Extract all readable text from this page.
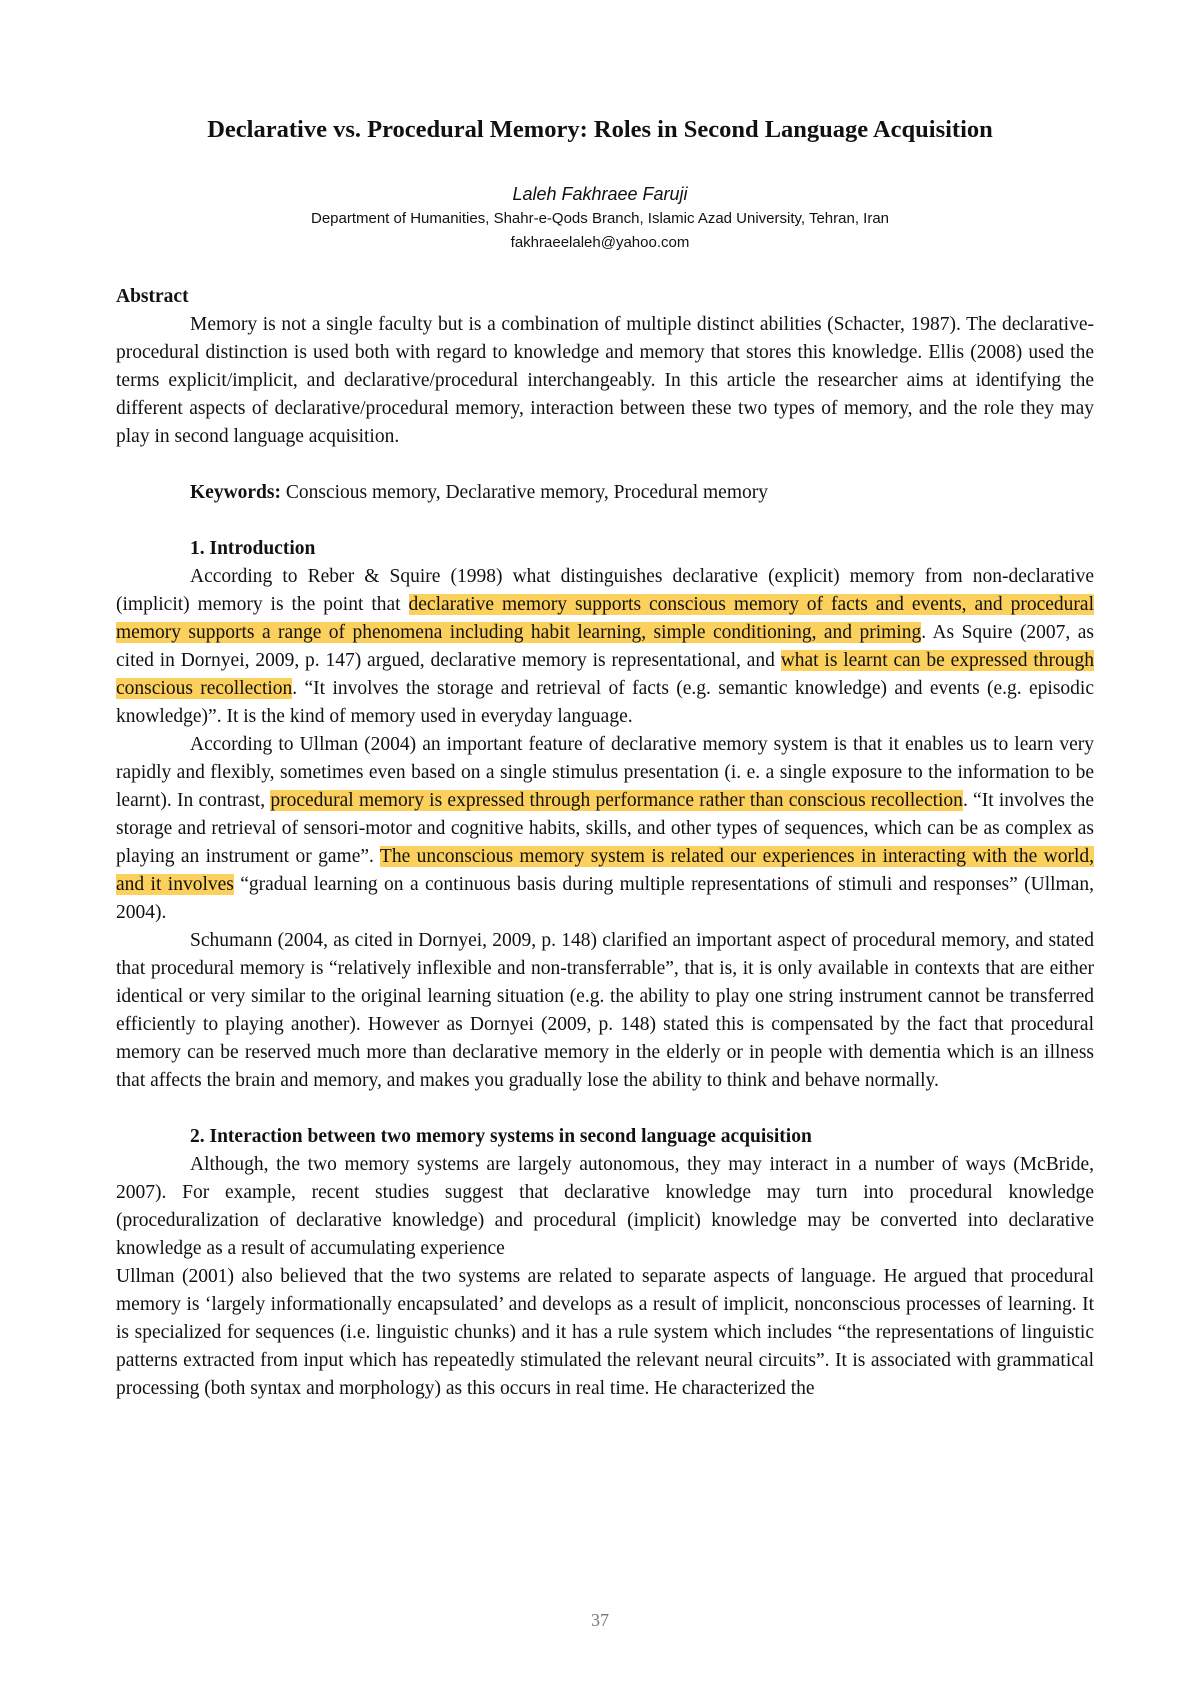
Declarative vs. Procedural Memory: Roles in Second Language Acquisition
Laleh Fakhraee Faruji
Department of Humanities, Shahr-e-Qods Branch, Islamic Azad University, Tehran, Iran
fakhraeelaleh@yahoo.com

Abstract

Memory is not a single faculty but is a combination of multiple distinct abilities (Schacter, 1987). The declarative-procedural distinction is used both with regard to knowledge and memory that stores this knowledge. Ellis (2008) used the terms explicit/implicit, and declarative/procedural interchangeably. In this article the researcher aims at identifying the different aspects of declarative/procedural memory, interaction between these two types of memory, and the role they may play in second language acquisition.

Keywords: Conscious memory, Declarative memory, Procedural memory

1. Introduction

According to Reber & Squire (1998) what distinguishes declarative (explicit) memory from non-declarative (implicit) memory is the point that declarative memory supports conscious memory of facts and events, and procedural memory supports a range of phenomena including habit learning, simple conditioning, and priming. As Squire (2007, as cited in Dornyei, 2009, p. 147) argued, declarative memory is representational, and what is learnt can be expressed through conscious recollection. “It involves the storage and retrieval of facts (e.g. semantic knowledge) and events (e.g. episodic knowledge)”. It is the kind of memory used in everyday language.

According to Ullman (2004) an important feature of declarative memory system is that it enables us to learn very rapidly and flexibly, sometimes even based on a single stimulus presentation (i. e. a single exposure to the information to be learnt). In contrast, procedural memory is expressed through performance rather than conscious recollection. “It involves the storage and retrieval of sensori-motor and cognitive habits, skills, and other types of sequences, which can be as complex as playing an instrument or game”. The unconscious memory system is related our experiences in interacting with the world, and it involves “gradual learning on a continuous basis during multiple representations of stimuli and responses” (Ullman, 2004).

Schumann (2004, as cited in Dornyei, 2009, p. 148) clarified an important aspect of procedural memory, and stated that procedural memory is “relatively inflexible and non-transferrable”, that is, it is only available in contexts that are either identical or very similar to the original learning situation (e.g. the ability to play one string instrument cannot be transferred efficiently to playing another). However as Dornyei (2009, p. 148) stated this is compensated by the fact that procedural memory can be reserved much more than declarative memory in the elderly or in people with dementia which is an illness that affects the brain and memory, and makes you gradually lose the ability to think and behave normally.

2. Interaction between two memory systems in second language acquisition

Although, the two memory systems are largely autonomous, they may interact in a number of ways (McBride, 2007). For example, recent studies suggest that declarative knowledge may turn into procedural knowledge (proceduralization of declarative knowledge) and procedural (implicit) knowledge may be converted into declarative knowledge as a result of accumulating experience

Ullman (2001) also believed that the two systems are related to separate aspects of language. He argued that procedural memory is ‘largely informationally encapsulated’ and develops as a result of implicit, nonconscious processes of learning. It is specialized for sequences (i.e. linguistic chunks) and it has a rule system which includes “the representations of linguistic patterns extracted from input which has repeatedly stimulated the relevant neural circuits”. It is associated with grammatical processing (both syntax and morphology) as this occurs in real time. He characterized the

37
